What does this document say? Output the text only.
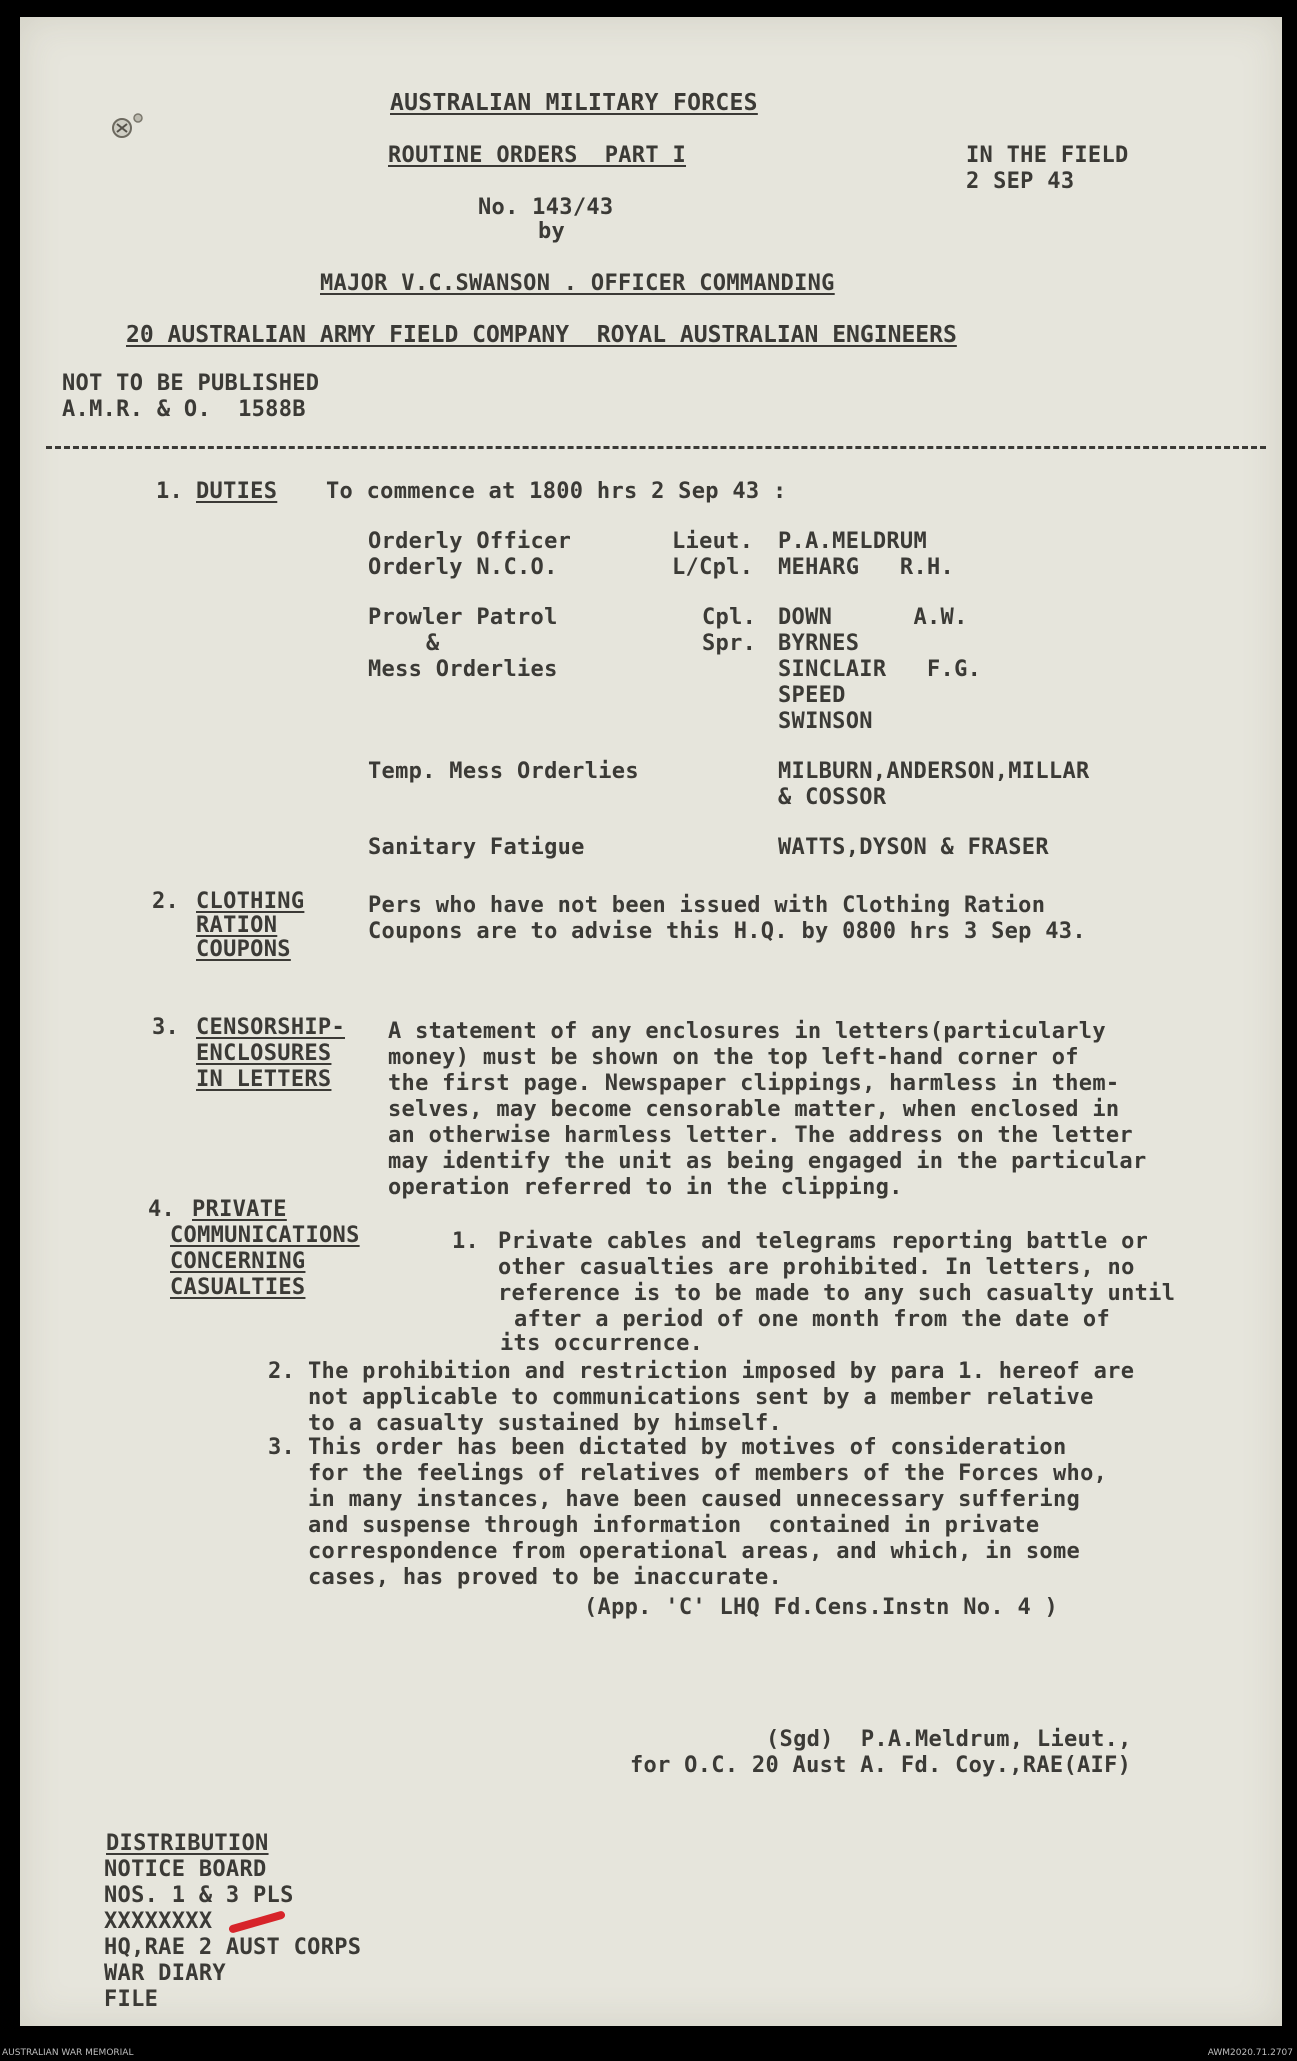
AUSTRALIAN MILITARY FORCES
ROUTINE ORDERS  PART I	IN THE FIELD
2 SEP 43
No. 143/43
by
MAJOR V.C.SWANSON . OFFICER COMMANDING
20 AUSTRALIAN ARMY FIELD COMPANY  ROYAL AUSTRALIAN ENGINEERS
NOT TO BE PUBLISHED
A.M.R. & O.  1588B
1. DUTIES To commence at 1800 hrs 2 Sep 43 :
Orderly Officer	Lieut. P.A.MELDRUM
Orderly N.C.O.	L/Cpl. MEHARG   R.H.
Prowler Patrol	Cpl. DOWN      A.W.
&	Spr. BYRNES
Mess Orderlies	SINCLAIR   F.G.
SPEED
SWINSON
Temp. Mess Orderlies	MILBURN,ANDERSON,MILLAR
& COSSOR
Sanitary Fatigue	WATTS,DYSON & FRASER
2. CLOTHING
RATION
COUPONS
Pers who have not been issued with Clothing Ration
Coupons are to advise this H.Q. by 0800 hrs 3 Sep 43.
3. CENSORSHIP-
ENCLOSURES
IN LETTERS
A statement of any enclosures in letters(particularly
money) must be shown on the top left-hand corner of
the first page. Newspaper clippings, harmless in them-
selves, may become censorable matter, when enclosed in
an otherwise harmless letter. The address on the letter
may identify the unit as being engaged in the particular
operation referred to in the clipping.
4. PRIVATE
COMMUNICATIONS
CONCERNING
CASUALTIES
1. Private cables and telegrams reporting battle or
other casualties are prohibited. In letters, no
reference is to be made to any such casualty until
after a period of one month from the date of
its occurrence.
2. The prohibition and restriction imposed by para 1. hereof are
not applicable to communications sent by a member relative
to a casualty sustained by himself.
3. This order has been dictated by motives of consideration
for the feelings of relatives of members of the Forces who,
in many instances, have been caused unnecessary suffering
and suspense through information  contained in private
correspondence from operational areas, and which, in some
cases, has proved to be inaccurate.
(App. 'C' LHQ Fd.Cens.Instn No. 4 )
(Sgd)  P.A.Meldrum, Lieut.,
for O.C. 20 Aust A. Fd. Coy.,RAE(AIF)
DISTRIBUTION
NOTICE BOARD
NOS. 1 & 3 PLS
XXXXXXXX
HQ,RAE 2 AUST CORPS
WAR DIARY
FILE
AUSTRALIAN WAR MEMORIAL	AWM2020.71.2707
